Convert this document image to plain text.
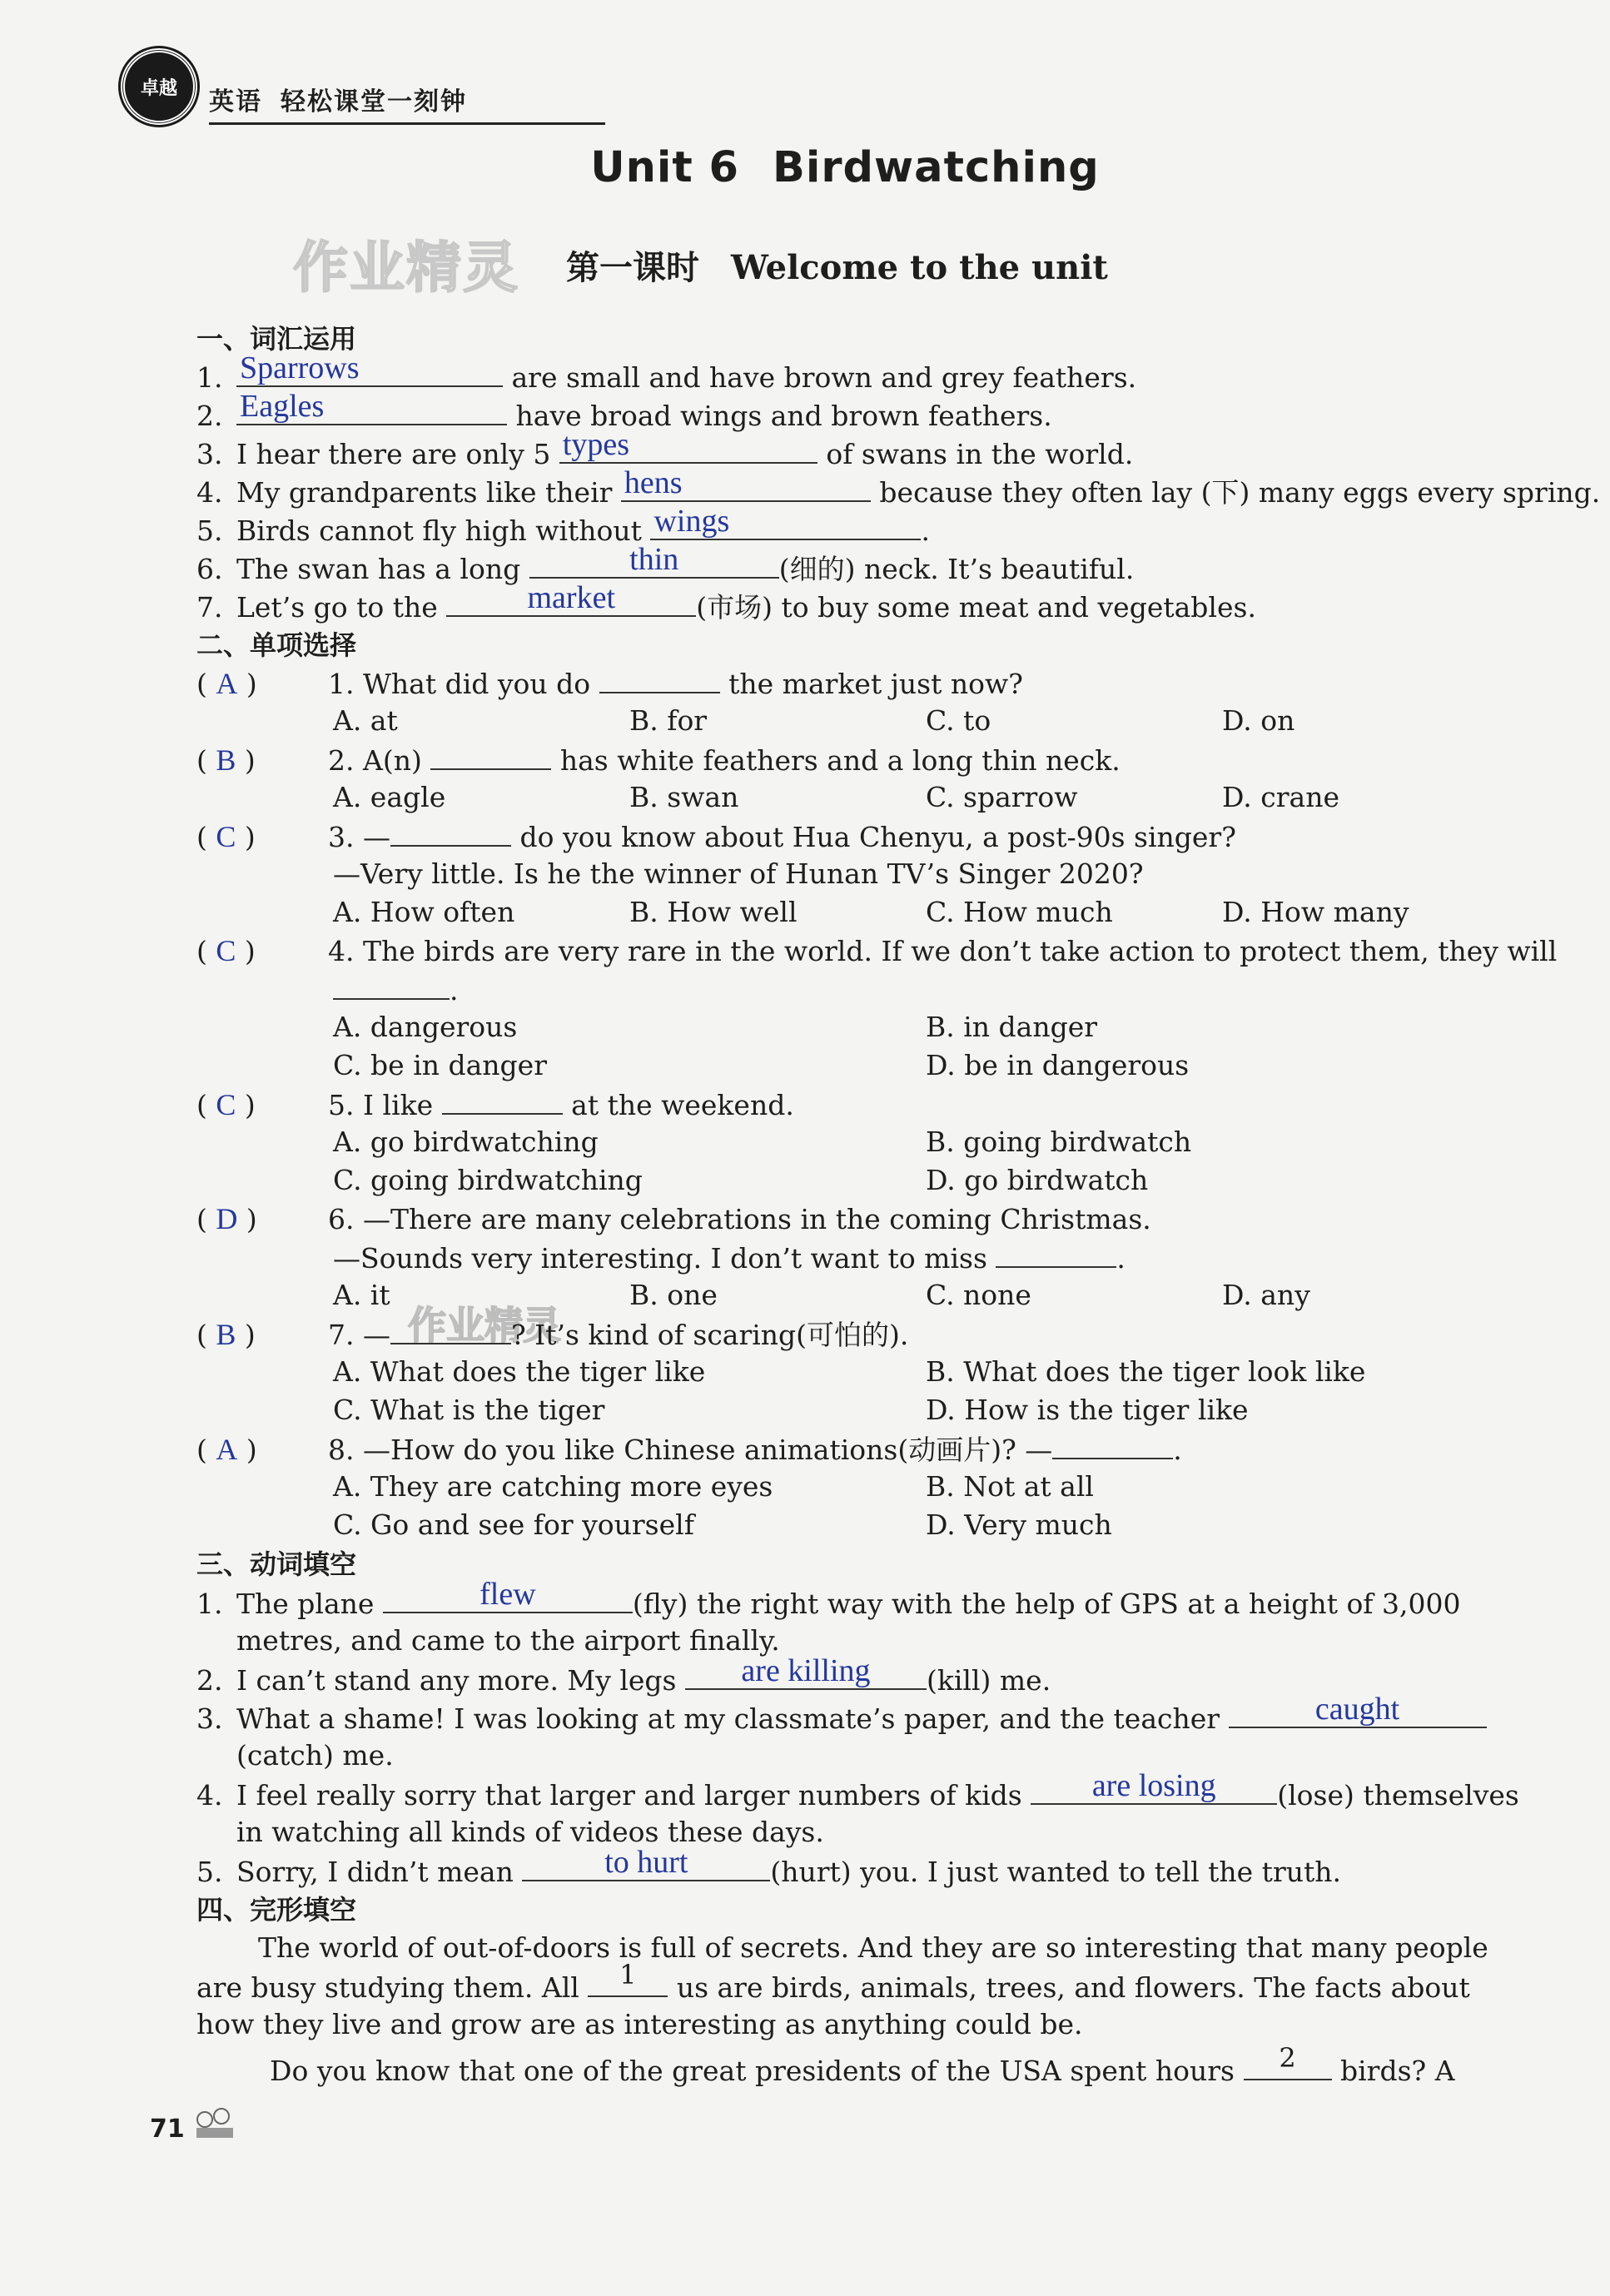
卓越 英语 轻松课堂一刻钟
Unit 6 Birdwatching
作业精灵 第一课时 Welcome to the unit
一、词汇运用
1. Sparrows	are small and have brown and grey feathers.
2. Eagles	have broad wings and brown feathers.
3. I hear there are only 5 types	of swans in the world.
4. My grandparents like their hens	because they often lay (下) many eggs every spring.
5. Birds cannot fly high without wings	.
6. The swan has a long	thin	(细的) neck. It’s beautiful.
7. Let’s go to the	market	(市场) to buy some meat and vegetables.
二、单项选择
( A )	1. What did you do	the market just now?
A. at	B. for	C. to	D. on
( B )	2. A(n)	has white feathers and a long thin neck.
A. eagle	B. swan	C. sparrow	D. crane
( C )	3. —	do you know about Hua Chenyu, a post-90s singer?
—Very little. Is he the winner of Hunan TV’s Singer 2020?
A. How often	B. How well	C. How much	D. How many
( C )	4. The birds are very rare in the world. If we don’t take action to protect them, they will
.
A. dangerous	B. in danger
C. be in danger	D. be in dangerous
( C )	5. I like	at the weekend.
A. go birdwatching	B. going birdwatch
C. going birdwatching	D. go birdwatch
( D )	6. —There are many celebrations in the coming Christmas.
—Sounds very interesting. I don’t want to miss	.
A. it	B. one	C. none	D. any
作业精灵
( B )	7. —	? It’s kind of scaring(可怕的).
A. What does the tiger like	B. What does the tiger look like
C. What is the tiger	D. How is the tiger like
( A )	8. —How do you like Chinese animations(动画片)? —	.
A. They are catching more eyes	B. Not at all
C. Go and see for yourself	D. Very much
三、动词填空
1. The plane	flew	(fly) the right way with the help of GPS at a height of 3,000
metres, and came to the airport finally.
2. I can’t stand any more. My legs	are killing	(kill) me.
3. What a shame! I was looking at my classmate’s paper, and the teacher	caught
(catch) me.
4. I feel really sorry that larger and larger numbers of kids	are losing	(lose) themselves
in watching all kinds of videos these days.
5. Sorry, I didn’t mean	to hurt	(hurt) you. I just wanted to tell the truth.
四、完形填空
The world of out-of-doors is full of secrets. And they are so interesting that many people
are busy studying them. All	1	us are birds, animals, trees, and flowers. The facts about
how they live and grow are as interesting as anything could be.
Do you know that one of the great presidents of the USA spent hours	2	birds? A
71
